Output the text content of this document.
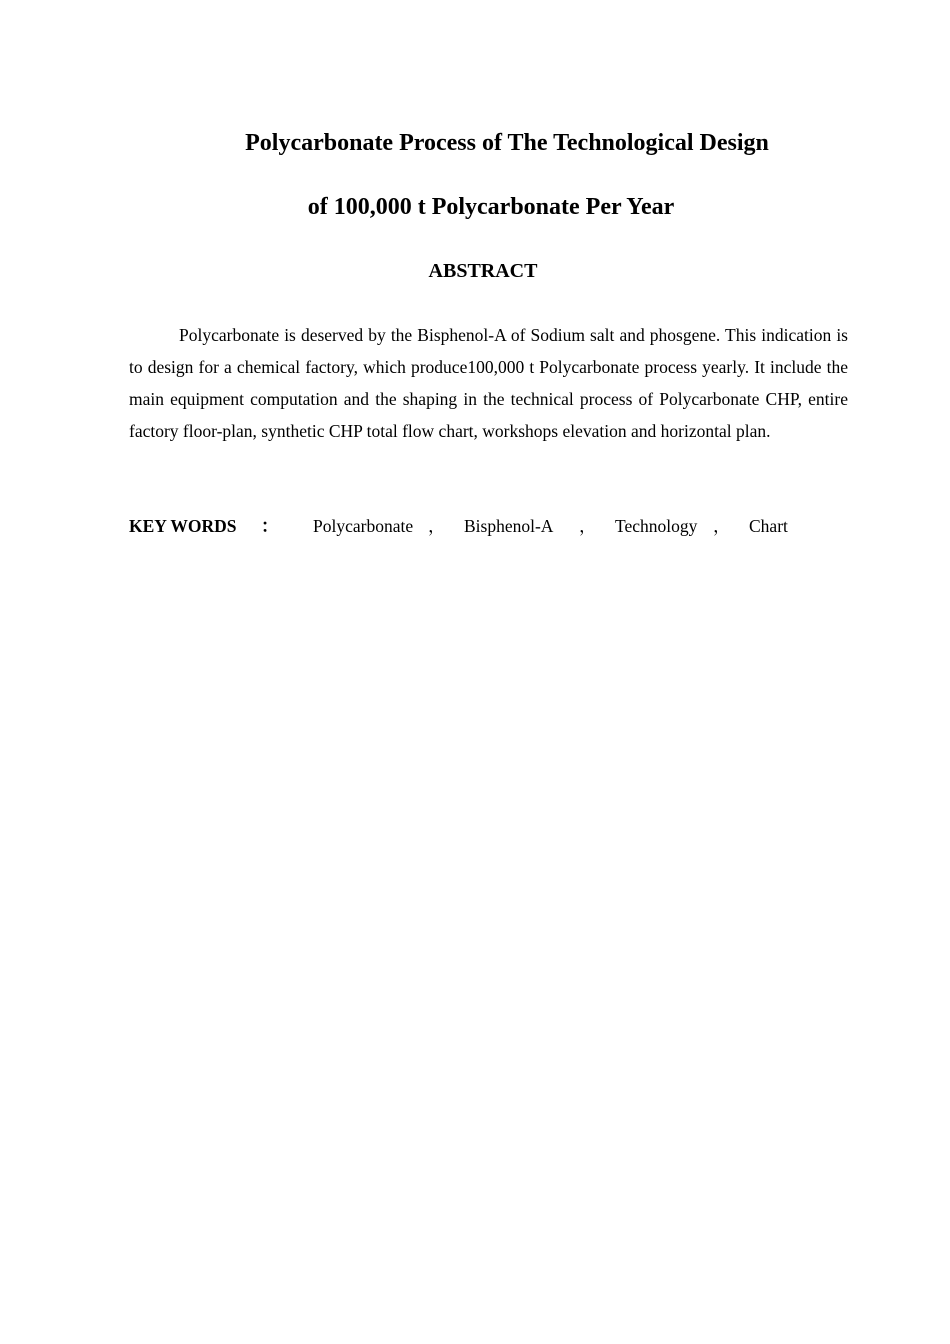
Polycarbonate Process of The Technological Design
of 100,000 t Polycarbonate Per Year
ABSTRACT
Polycarbonate is deserved by the Bisphenol-A of Sodium salt and phosgene. This indication is to design for a chemical factory, which produce100,000 t Polycarbonate process yearly. It include the main equipment computation and the shaping in the technical process of Polycarbonate CHP, entire factory floor-plan, synthetic CHP total flow chart, workshops elevation and horizontal plan.
KEY WORDS ： Polycarbonate ， Bisphenol-A ， Technology ， Chart
